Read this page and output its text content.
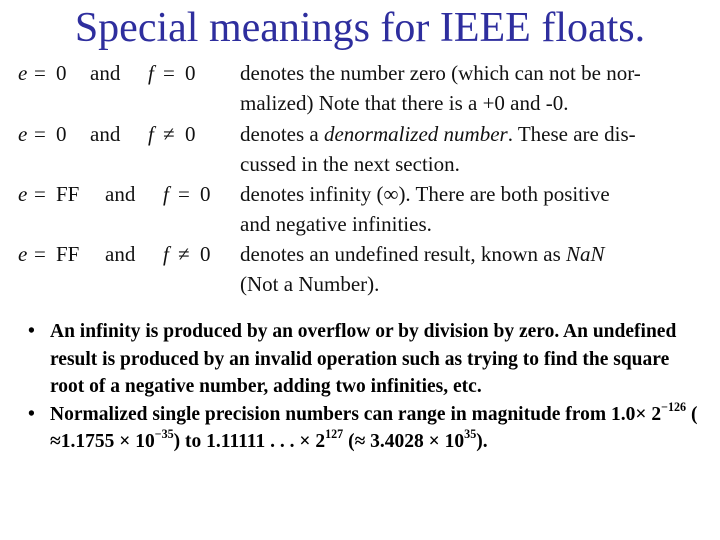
Special meanings for IEEE floats.
e = 0 and f = 0 denotes the number zero (which can not be nor-
malized) Note that there is a +0 and -0.
e = 0 and f ≠ 0 denotes a denormalized number. These are dis-
cussed in the next section.
e = FF and f = 0 denotes infinity (∞). There are both positive
and negative infinities.
e = FF and f ≠ 0 denotes an undefined result, known as NaN
(Not a Number).
• An infinity is produced by an overflow or by division by zero. An undefined result is produced by an invalid operation such as trying to find the square root of a negative number, adding two infinities, etc.
• Normalized single precision numbers can range in magnitude from $1.0\times 2^{-126}$ ( $\approx 1.1755 \times 10^{-35}$) to 1.11111 . . . × $2^{127}$ (≈ $3.4028 \times 10^{35}$).
